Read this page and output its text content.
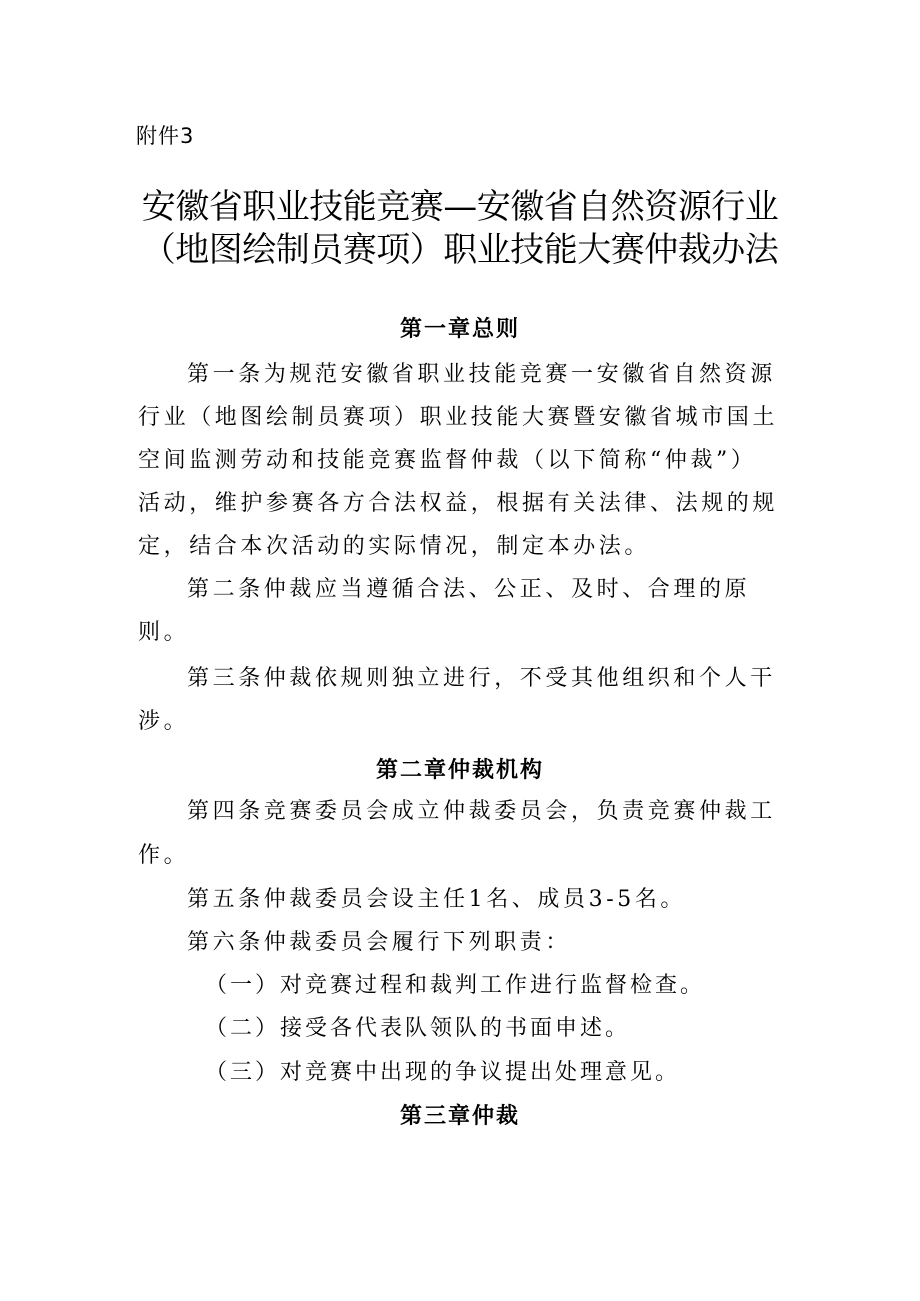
附件3
安徽省职业技能竞赛—安徽省自然资源行业
（地图绘制员赛项）职业技能大赛仲裁办法
第一章总则
第一条为规范安徽省职业技能竞赛一安徽省自然资源
行业（地图绘制员赛项）职业技能大赛暨安徽省城市国土
空间监测劳动和技能竞赛监督仲裁（以下简称“仲裁”）
活动，维护参赛各方合法权益，根据有关法律、法规的规
定，结合本次活动的实际情况，制定本办法。
第二条仲裁应当遵循合法、公正、及时、合理的原
则。
第三条仲裁依规则独立进行，不受其他组织和个人干
涉。
第二章仲裁机构
第四条竞赛委员会成立仲裁委员会，负责竞赛仲裁工
作。
第五条仲裁委员会设主任1名、成员3-5名。
第六条仲裁委员会履行下列职责：
（一）对竞赛过程和裁判工作进行监督检查。
（二）接受各代表队领队的书面申述。
（三）对竞赛中出现的争议提出处理意见。
第三章仲裁
